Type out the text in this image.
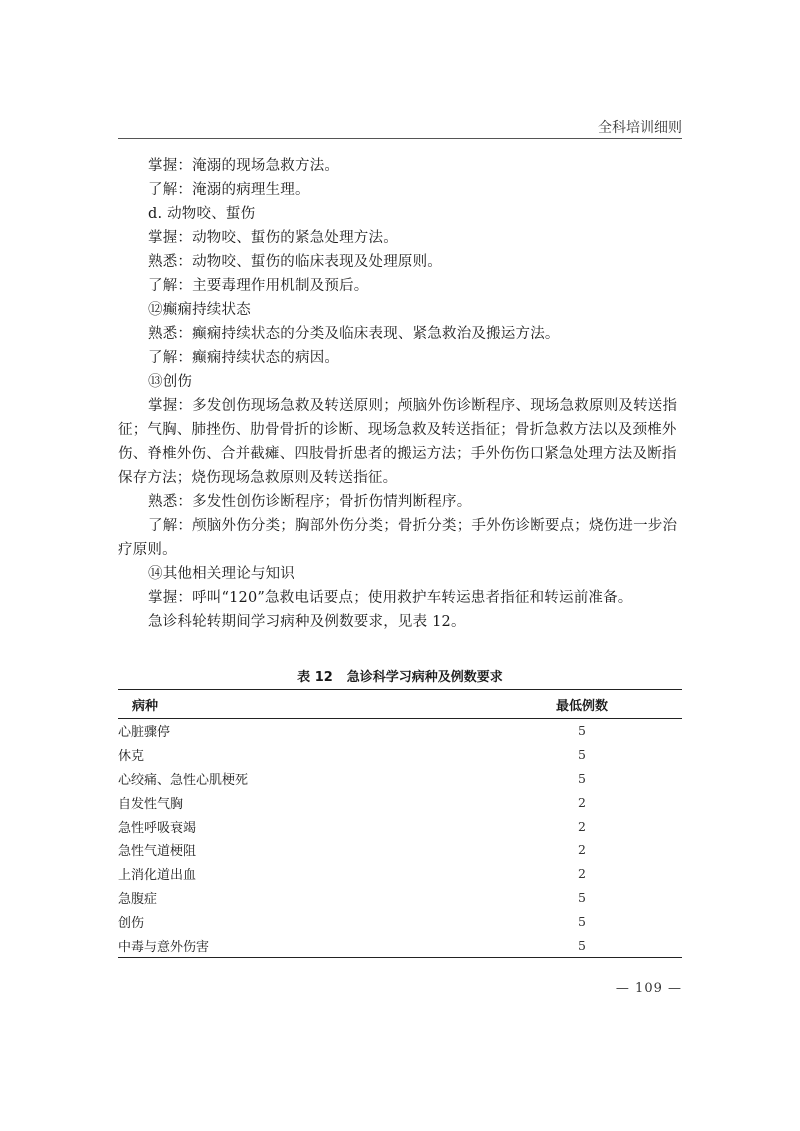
全科培训细则

掌握：淹溺的现场急救方法。

了解：淹溺的病理生理。

d. 动物咬、蜇伤

掌握：动物咬、蜇伤的紧急处理方法。

熟悉：动物咬、蜇伤的临床表现及处理原则。

了解：主要毒理作用机制及预后。

⑫癫痫持续状态

熟悉：癫痫持续状态的分类及临床表现、紧急救治及搬运方法。

了解：癫痫持续状态的病因。

⑬创伤

掌握：多发创伤现场急救及转送原则；颅脑外伤诊断程序、现场急救原则及转送指征；气胸、肺挫伤、肋骨骨折的诊断、现场急救及转送指征；骨折急救方法以及颈椎外伤、脊椎外伤、合并截瘫、四肢骨折患者的搬运方法；手外伤伤口紧急处理方法及断指保存方法；烧伤现场急救原则及转送指征。

熟悉：多发性创伤诊断程序；骨折伤情判断程序。

了解：颅脑外伤分类；胸部外伤分类；骨折分类；手外伤诊断要点；烧伤进一步治疗原则。

⑭其他相关理论与知识

掌握：呼叫“120”急救电话要点；使用救护车转运患者指征和转运前准备。

急诊科轮转期间学习病种及例数要求，见表 12。

表 12 急诊科学习病种及例数要求
病种	最低例数
心脏骤停	5
休克	5
心绞痛、急性心肌梗死	5
自发性气胸	2
急性呼吸衰竭	2
急性气道梗阻	2
上消化道出血	2
急腹症	5
创伤	5
中毒与意外伤害	5
— 109 —
